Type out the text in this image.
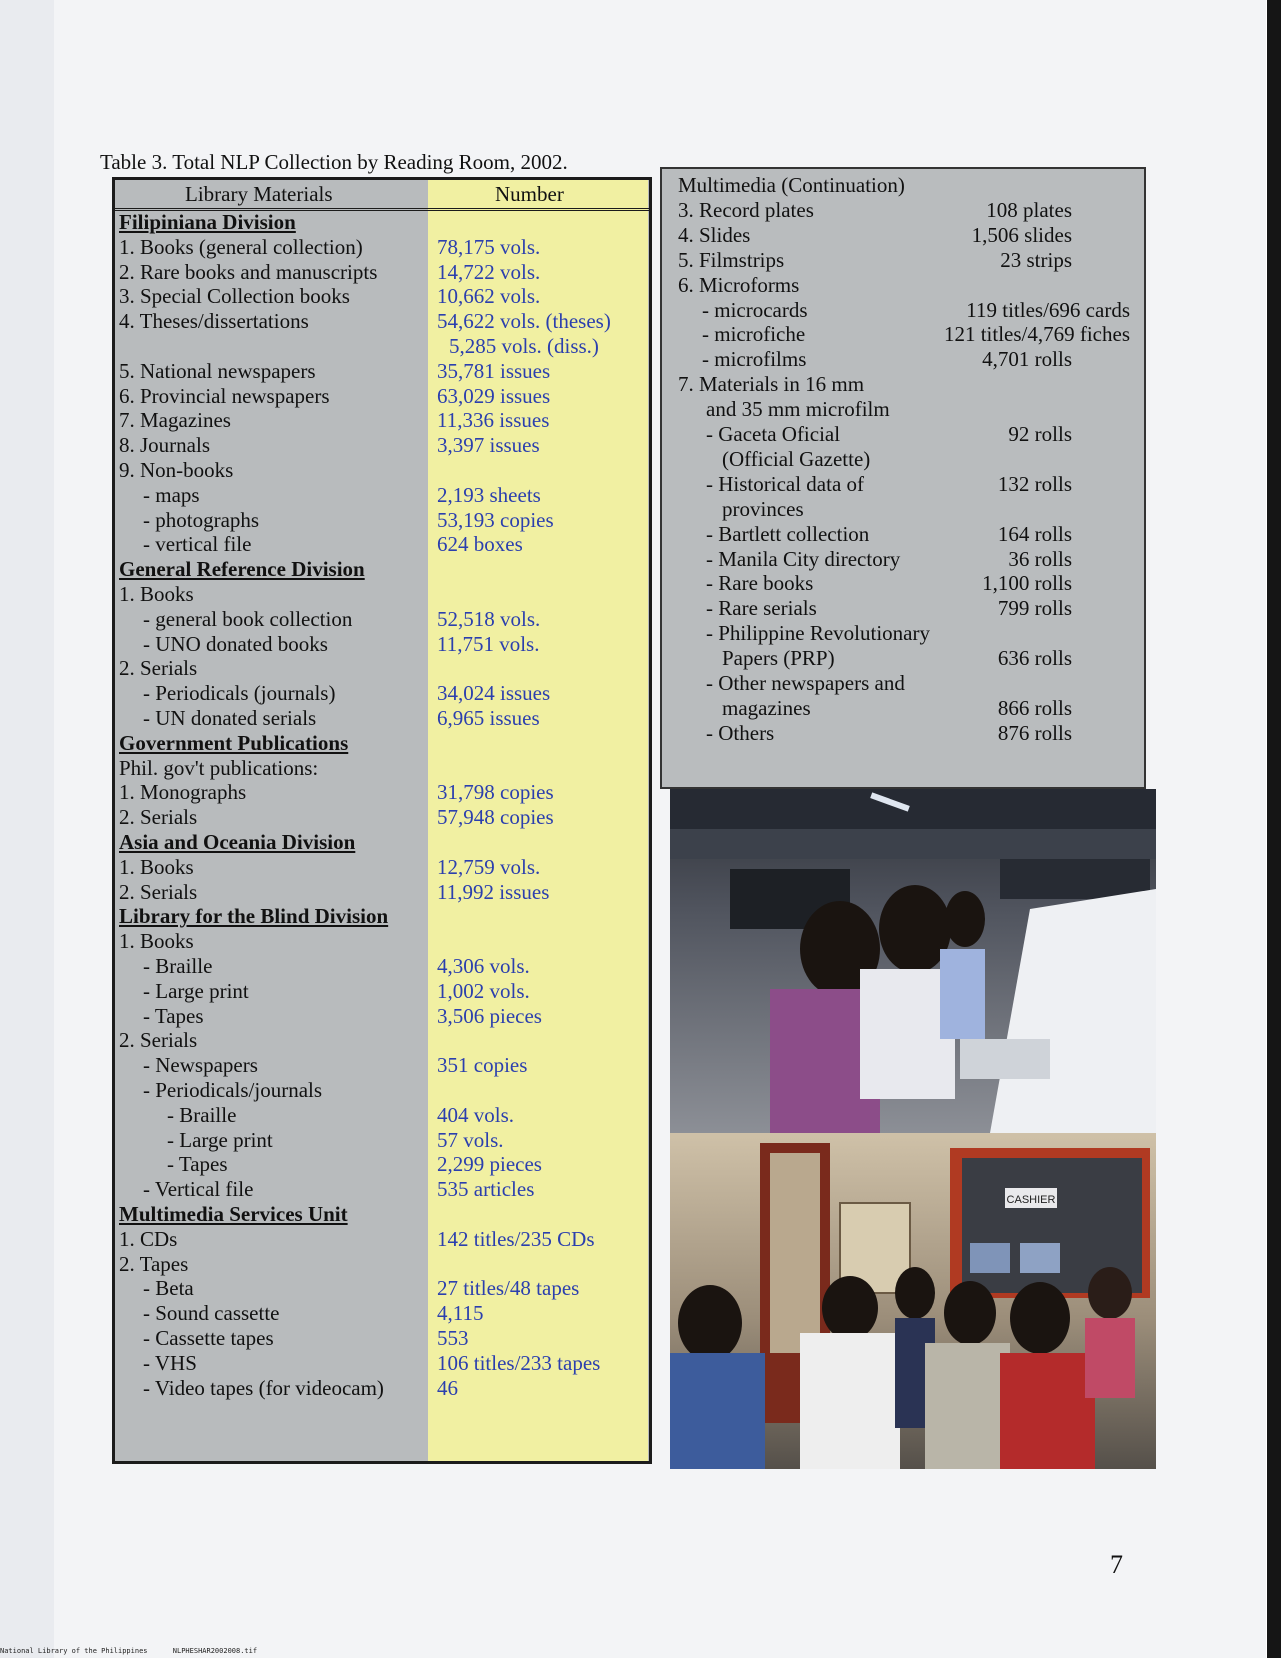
Table 3. Total NLP Collection by Reading Room, 2002.
Library Materials	Number
Filipiniana Division
1. Books (general collection)	78,175 vols.
2. Rare books and manuscripts	14,722 vols.
3. Special Collection books	10,662 vols.
4. Theses/dissertations	54,622 vols. (theses)
5,285 vols. (diss.)
5. National newspapers	35,781 issues
6. Provincial newspapers	63,029 issues
7. Magazines	11,336 issues
8. Journals	3,397 issues
9. Non-books
- maps	2,193 sheets
- photographs	53,193 copies
- vertical file	624 boxes
General Reference Division
1. Books
- general book collection	52,518 vols.
- UNO donated books	11,751 vols.
2. Serials
- Periodicals (journals)	34,024 issues
- UN donated serials	6,965 issues
Government Publications
Phil. gov't publications:
1. Monographs	31,798 copies
2. Serials	57,948 copies
Asia and Oceania Division
1. Books	12,759 vols.
2. Serials	11,992 issues
Library for the Blind Division
1. Books
- Braille	4,306 vols.
- Large print	1,002 vols.
- Tapes	3,506 pieces
2. Serials
- Newspapers	351 copies
- Periodicals/journals
- Braille	404 vols.
- Large print	57 vols.
- Tapes	2,299 pieces
- Vertical file	535 articles
Multimedia Services Unit
1. CDs	142 titles/235 CDs
2. Tapes
- Beta	27 titles/48 tapes
- Sound cassette	4,115
- Cassette tapes	553
- VHS	106 titles/233 tapes
- Video tapes (for videocam)	46
Multimedia (Continuation)
3. Record plates	108 plates
4. Slides	1,506 slides
5. Filmstrips	23 strips
6. Microforms
- microcards	119 titles/696 cards
- microfiche	121 titles/4,769 fiches
- microfilms	4,701 rolls
7. Materials in 16 mm
and 35 mm microfilm
- Gaceta Oficial	92 rolls
(Official Gazette)
- Historical data of	132 rolls
provinces
- Bartlett collection	164 rolls
- Manila City directory	36 rolls
- Rare books	1,100 rolls
- Rare serials	799 rolls
- Philippine Revolutionary
Papers (PRP)	636 rolls
- Other newspapers and
magazines	866 rolls
- Others	876 rolls
CASHIER
7
National Library of the Philippines      NLPHESHAR2002008.tif
